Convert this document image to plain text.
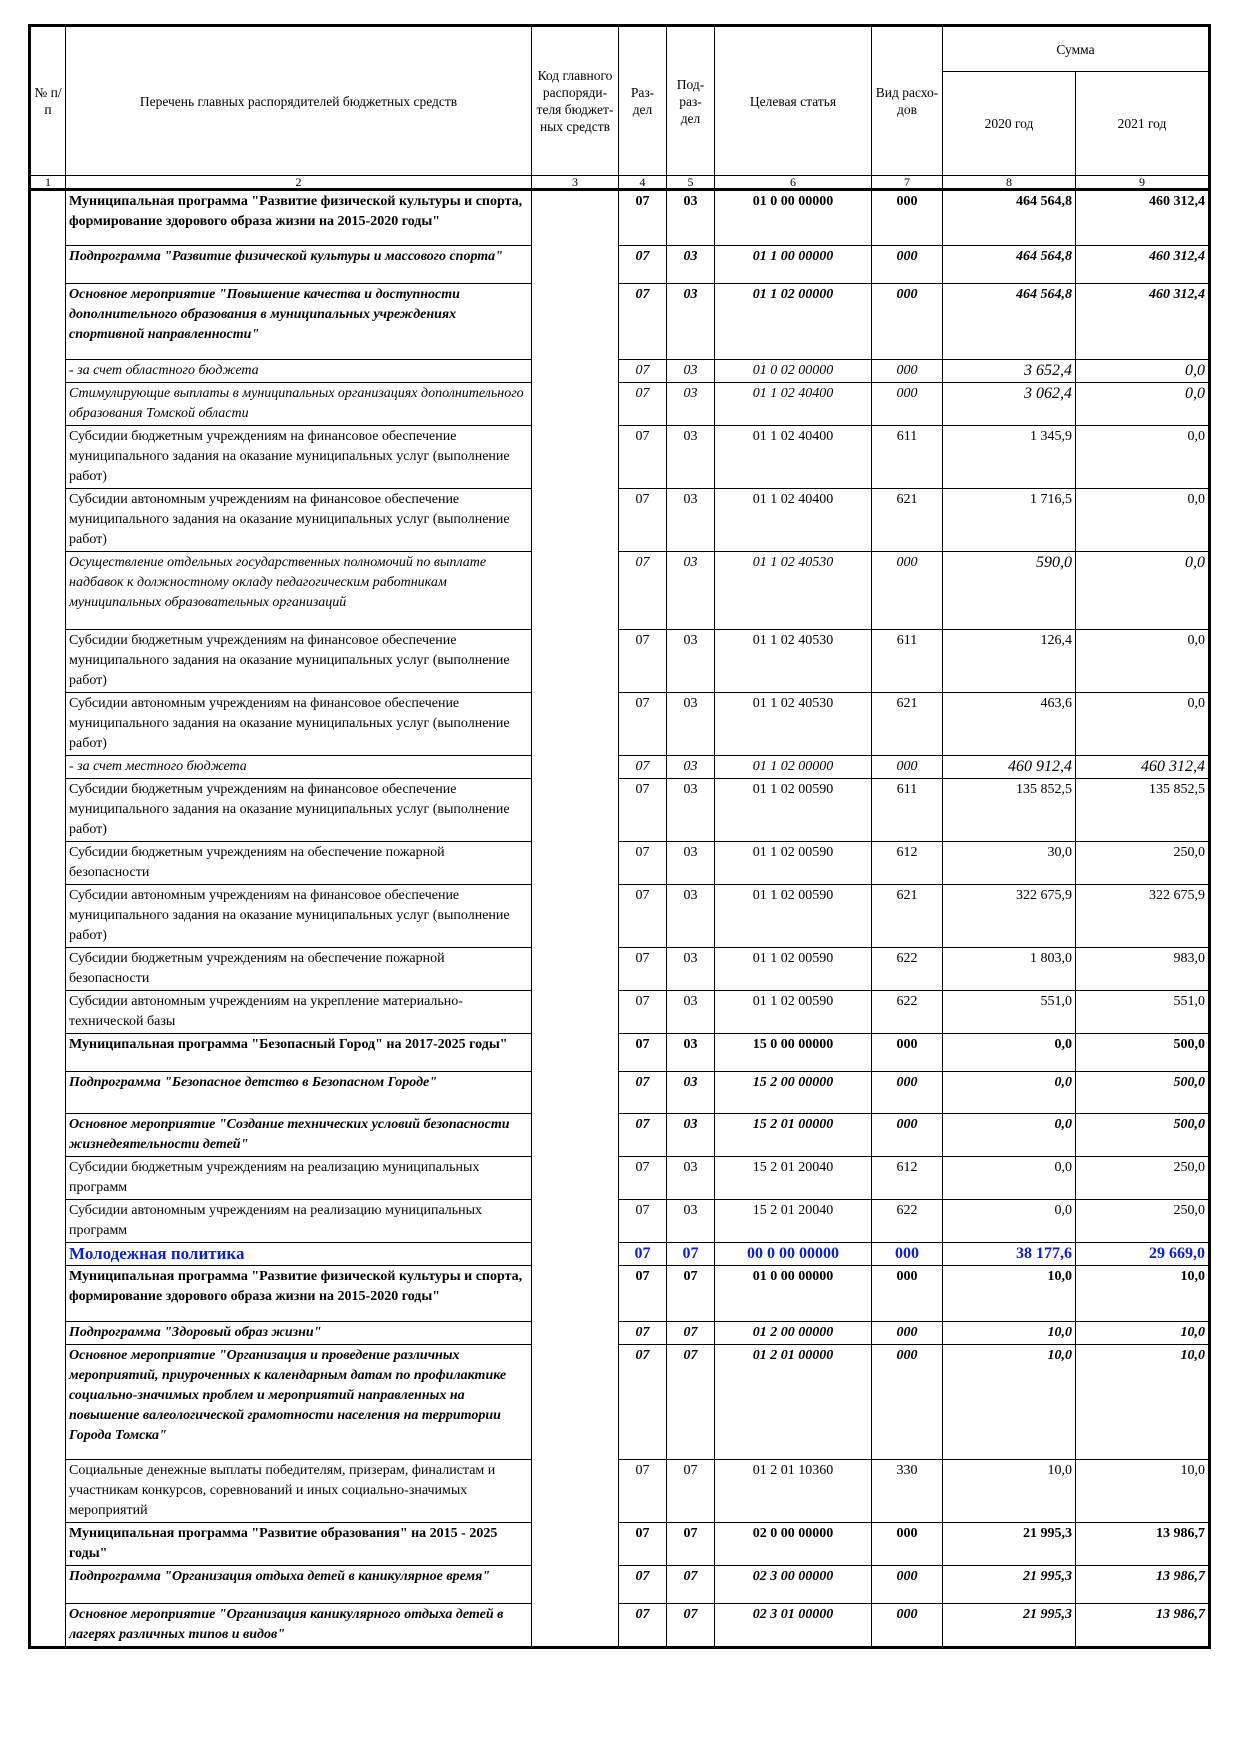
№ п/п	Перечень главных распорядителей бюджетных средств	Код главного распоряди-теля бюджет-ных средств	Раз-дел	Под-раз-дел	Целевая статья	Вид расхо-дов	Сумма	
							2020 год	2021 год
1	2	3	4	5	6	7	8	9
	Муниципальная программа "Развитие физической культуры и спорта, формирование здорового образа жизни на 2015-2020 годы"		07	03	01 0 00 00000	000	464 564,8	460 312,4
	Подпрограмма "Развитие физической культуры и массового спорта"		07	03	01 1 00 00000	000	464 564,8	460 312,4
	Основное мероприятие "Повышение качества и доступности дополнительного образования в муниципальных учреждениях спортивной направленности"		07	03	01 1 02 00000	000	464 564,8	460 312,4
	- за счет областного бюджета		07	03	01 0 02 00000	000	3 652,4	0,0
	Стимулирующие выплаты в муниципальных организациях дополнительного образования Томской области		07	03	01 1 02 40400	000	3 062,4	0,0
	Субсидии бюджетным учреждениям на финансовое обеспечение муниципального задания на оказание муниципальных услуг (выполнение работ)		07	03	01 1 02 40400	611	1 345,9	0,0
	Субсидии автономным учреждениям на финансовое обеспечение муниципального задания на оказание муниципальных услуг (выполнение работ)		07	03	01 1 02 40400	621	1 716,5	0,0
	Осуществление отдельных государственных полномочий по выплате надбавок к должностному окладу педагогическим работникам муниципальных образовательных организаций		07	03	01 1 02 40530	000	590,0	0,0
	Субсидии бюджетным учреждениям на финансовое обеспечение муниципального задания на оказание муниципальных услуг (выполнение работ)		07	03	01 1 02 40530	611	126,4	0,0
	Субсидии автономным учреждениям на финансовое обеспечение муниципального задания на оказание муниципальных услуг (выполнение работ)		07	03	01 1 02 40530	621	463,6	0,0
	- за счет местного бюджета		07	03	01 1 02 00000	000	460 912,4	460 312,4
	Субсидии бюджетным учреждениям на финансовое обеспечение муниципального задания на оказание муниципальных услуг (выполнение работ)		07	03	01 1 02 00590	611	135 852,5	135 852,5
	Субсидии бюджетным учреждениям на обеспечение пожарной безопасности		07	03	01 1 02 00590	612	30,0	250,0
	Субсидии автономным учреждениям на финансовое обеспечение муниципального задания на оказание муниципальных услуг (выполнение работ)		07	03	01 1 02 00590	621	322 675,9	322 675,9
	Субсидии бюджетным учреждениям на обеспечение пожарной безопасности		07	03	01 1 02 00590	622	1 803,0	983,0
	Субсидии автономным учреждениям на укрепление материально-технической базы		07	03	01 1 02 00590	622	551,0	551,0
	Муниципальная программа "Безопасный Город" на 2017-2025 годы"		07	03	15 0 00 00000	000	0,0	500,0
	Подпрограмма "Безопасное детство в Безопасном Городе"		07	03	15 2 00 00000	000	0,0	500,0
	Основное мероприятие "Создание технических условий безопасности жизнедеятельности детей"		07	03	15 2 01 00000	000	0,0	500,0
	Субсидии бюджетным учреждениям на реализацию муниципальных программ		07	03	15 2 01 20040	612	0,0	250,0
	Субсидии автономным учреждениям на реализацию муниципальных программ		07	03	15 2 01 20040	622	0,0	250,0
	Молодежная политика		07	07	00 0 00 00000	000	38 177,6	29 669,0
	Муниципальная программа "Развитие физической культуры и спорта, формирование здорового образа жизни на 2015-2020 годы"		07	07	01 0 00 00000	000	10,0	10,0
	Подпрограмма "Здоровый образ жизни"		07	07	01 2 00 00000	000	10,0	10,0
	Основное мероприятие "Организация и проведение различных мероприятий, приуроченных к календарным датам по профилактике социально-значимых проблем и мероприятий направленных на повышение валеологической грамотности населения на территории Города Томска"		07	07	01 2 01 00000	000	10,0	10,0
	Социальные денежные выплаты победителям, призерам, финалистам и участникам конкурсов, соревнований и иных социально-значимых мероприятий		07	07	01 2 01 10360	330	10,0	10,0
	Муниципальная программа "Развитие образования" на 2015 - 2025 годы"		07	07	02 0 00 00000	000	21 995,3	13 986,7
	Подпрограмма "Организация отдыха детей в каникулярное время"		07	07	02 3 00 00000	000	21 995,3	13 986,7
	Основное мероприятие "Организация каникулярного отдыха детей в лагерях различных типов и видов"		07	07	02 3 01 00000	000	21 995,3	13 986,7
